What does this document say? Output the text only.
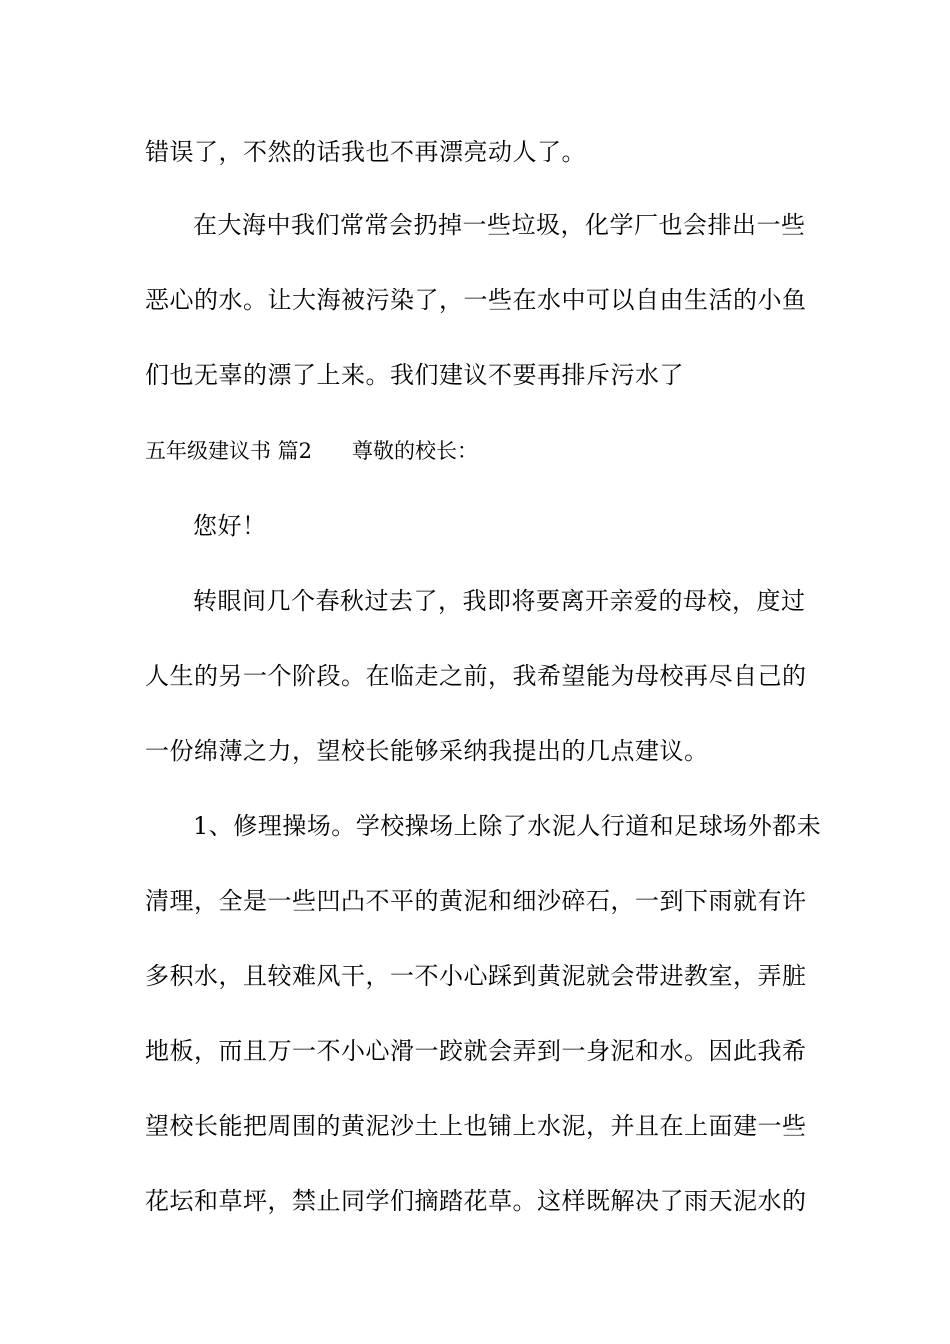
错误了，不然的话我也不再漂亮动人了。
在大海中我们常常会扔掉一些垃圾，化学厂也会排出一些
恶心的水。让大海被污染了，一些在水中可以自由生活的小鱼
们也无辜的漂了上来。我们建议不要再排斥污水了
五年级建议书 篇2 尊敬的校长：
您好！
转眼间几个春秋过去了，我即将要离开亲爱的母校，度过
人生的另一个阶段。在临走之前，我希望能为母校再尽自己的
一份绵薄之力，望校长能够采纳我提出的几点建议。
1、修理操场。学校操场上除了水泥人行道和足球场外都未
清理，全是一些凹凸不平的黄泥和细沙碎石，一到下雨就有许
多积水，且较难风干，一不小心踩到黄泥就会带进教室，弄脏
地板，而且万一不小心滑一跤就会弄到一身泥和水。因此我希
望校长能把周围的黄泥沙土上也铺上水泥，并且在上面建一些
花坛和草坪，禁止同学们摘踏花草。这样既解决了雨天泥水的
